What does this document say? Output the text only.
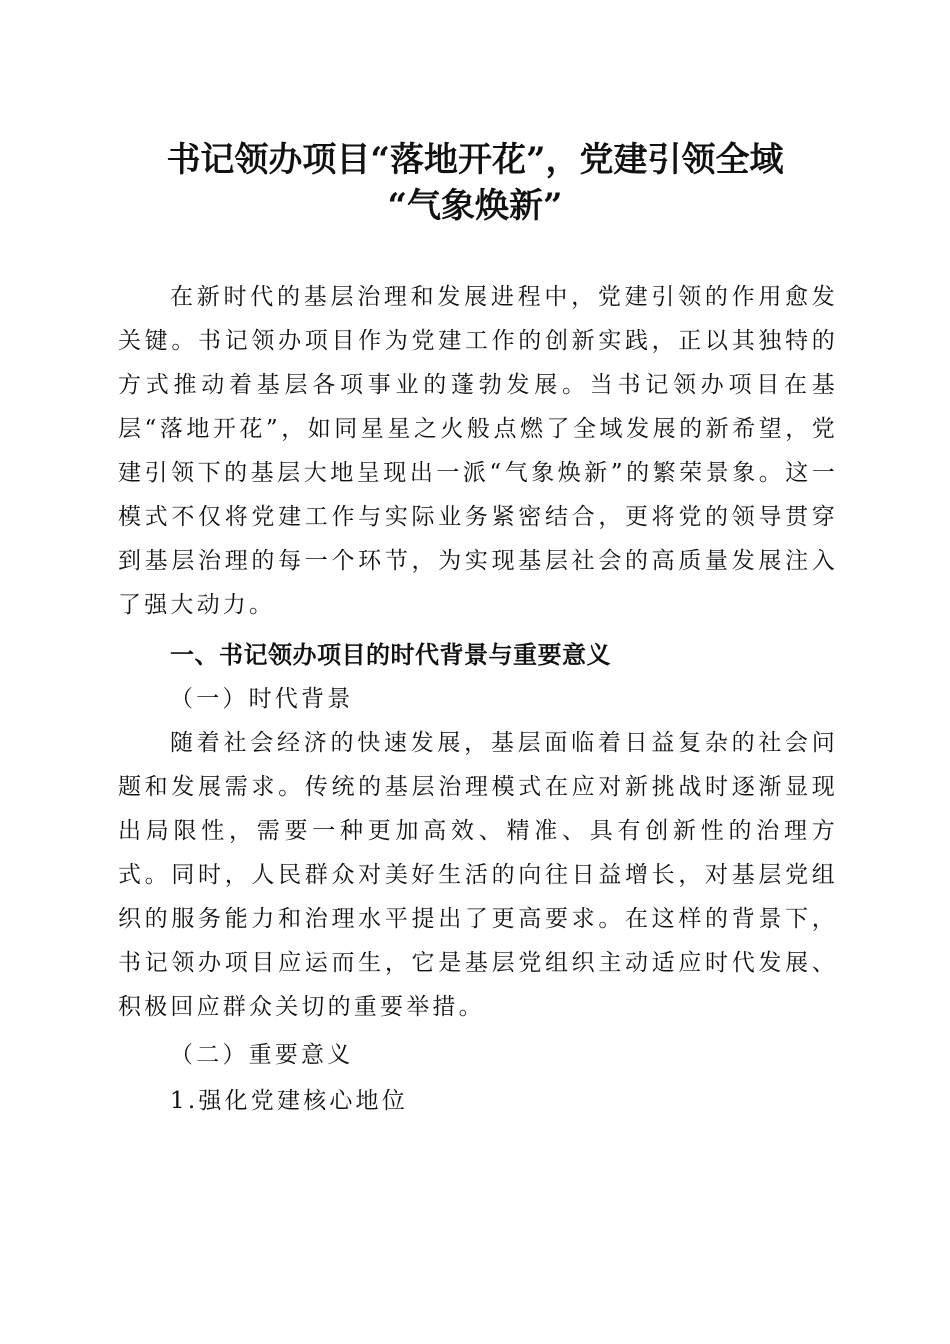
书记领办项目“落地开花”，党建引领全域
“气象焕新”

在新时代的基层治理和发展进程中，党建引领的作用愈发关键。书记领办项目作为党建工作的创新实践，正以其独特的方式推动着基层各项事业的蓬勃发展。当书记领办项目在基层“落地开花”，如同星星之火般点燃了全域发展的新希望，党建引领下的基层大地呈现出一派“气象焕新”的繁荣景象。这一模式不仅将党建工作与实际业务紧密结合，更将党的领导贯穿到基层治理的每一个环节，为实现基层社会的高质量发展注入了强大动力。

一、书记领办项目的时代背景与重要意义

（一）时代背景

随着社会经济的快速发展，基层面临着日益复杂的社会问题和发展需求。传统的基层治理模式在应对新挑战时逐渐显现出局限性，需要一种更加高效、精准、具有创新性的治理方式。同时，人民群众对美好生活的向往日益增长，对基层党组织的服务能力和治理水平提出了更高要求。在这样的背景下，书记领办项目应运而生，它是基层党组织主动适应时代发展、积极回应群众关切的重要举措。

（二）重要意义

1.强化党建核心地位
